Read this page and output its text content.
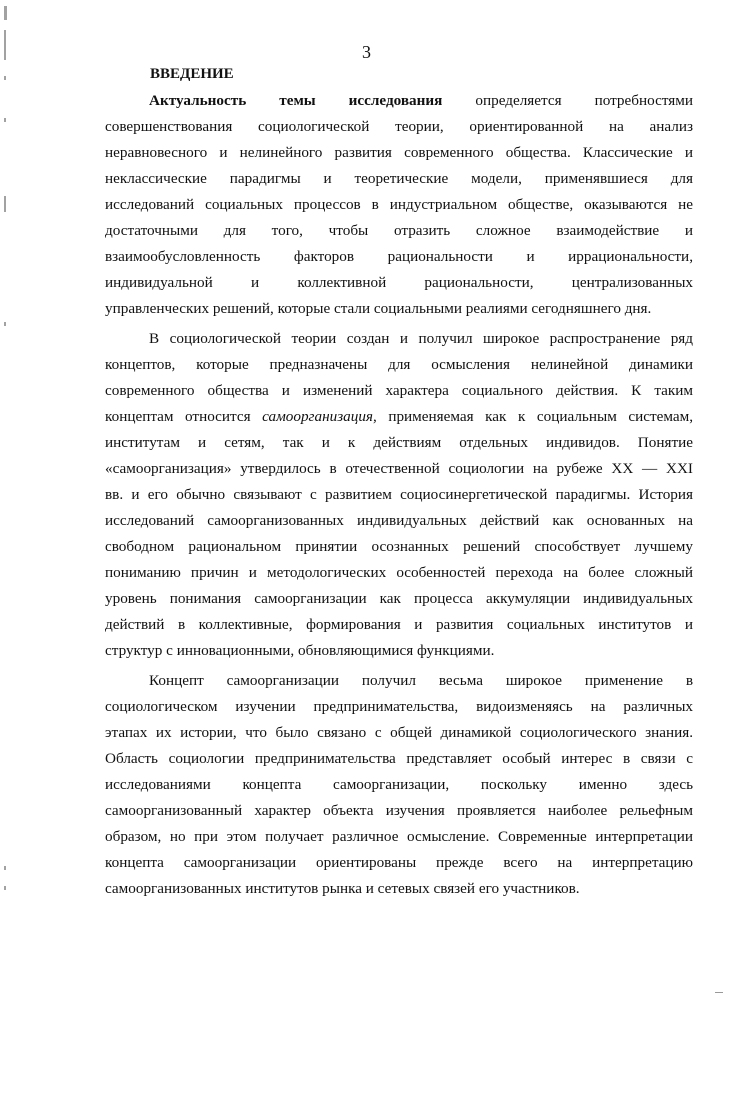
3
ВВЕДЕНИЕ
Актуальность темы исследования определяется потребностями
совершенствования социологической теории, ориентированной на анализ
неравновесного и нелинейного развития современного общества. Классические и
неклассические парадигмы и теоретические модели, применявшиеся для
исследований социальных процессов в индустриальном обществе, оказываются не
достаточными для того, чтобы отразить сложное взаимодействие и
взаимообусловленность факторов рациональности и иррациональности,
индивидуальной и коллективной рациональности, централизованных
управленческих решений, которые стали социальными реалиями сегодняшнего дня.
В социологической теории создан и получил широкое распространение ряд
концептов, которые предназначены для осмысления нелинейной динамики
современного общества и изменений характера социального действия. К таким
концептам относится самоорганизация, применяемая как к социальным системам,
институтам и сетям, так и к действиям отдельных индивидов. Понятие
«самоорганизация» утвердилось в отечественной социологии на рубеже XX — XXI
вв. и его обычно связывают с развитием социосинергетической парадигмы. История
исследований самоорганизованных индивидуальных действий как основанных на
свободном рациональном принятии осознанных решений способствует лучшему
пониманию причин и методологических особенностей перехода на более сложный
уровень понимания самоорганизации как процесса аккумуляции индивидуальных
действий в коллективные, формирования и развития социальных институтов и
структур с инновационными, обновляющимися функциями.
Концепт самоорганизации получил весьма широкое применение в
социологическом изучении предпринимательства, видоизменяясь на различных
этапах их истории, что было связано с общей динамикой социологического знания.
Область социологии предпринимательства представляет особый интерес в связи с
исследованиями концепта самоорганизации, поскольку именно здесь
самоорганизованный характер объекта изучения проявляется наиболее рельефным
образом, но при этом получает различное осмысление. Современные интерпретации
концепта самоорганизации ориентированы прежде всего на интерпретацию
самоорганизованных институтов рынка и сетевых связей его участников.
